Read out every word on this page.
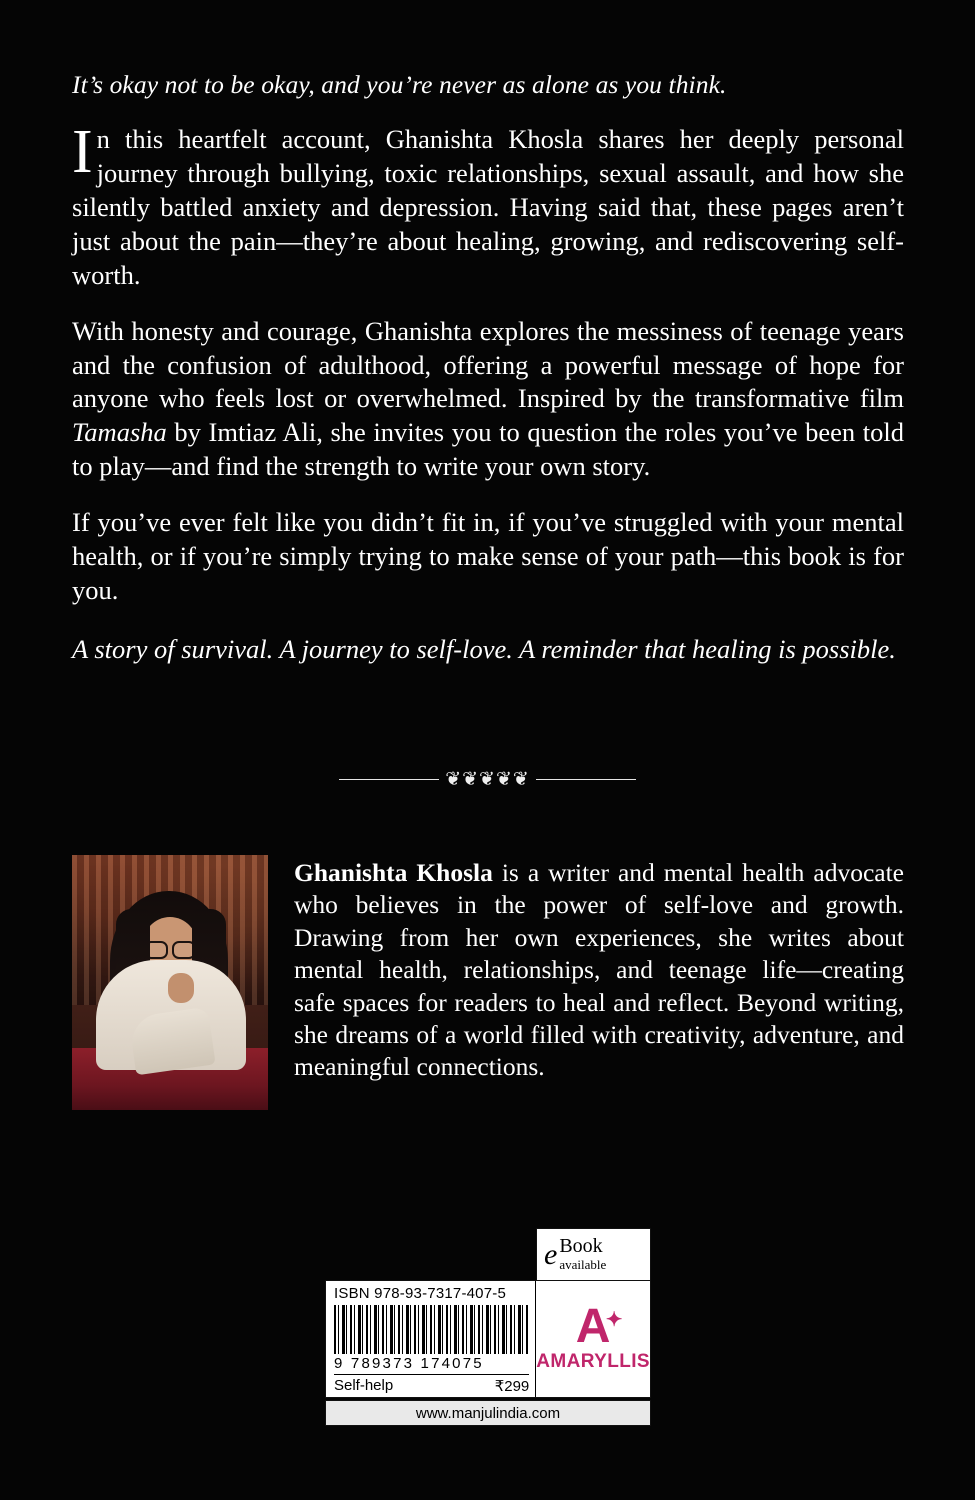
It’s okay not to be okay, and you’re never as alone as you think.

In this heartfelt account, Ghanishta Khosla shares her deeply personal journey through bullying, toxic relationships, sexual assault, and how she silently battled anxiety and depression. Having said that, these pages aren’t just about the pain—they’re about healing, growing, and rediscovering self-worth.

With honesty and courage, Ghanishta explores the messiness of teenage years and the confusion of adulthood, offering a powerful message of hope for anyone who feels lost or overwhelmed. Inspired by the transformative film Tamasha by Imtiaz Ali, she invites you to question the roles you’ve been told to play—and find the strength to write your own story.

If you’ve ever felt like you didn’t fit in, if you’ve struggled with your mental health, or if you’re simply trying to make sense of your path—this book is for you.

A story of survival. A journey to self-love. A reminder that healing is possible.

❦❦❦❦❦

Ghanishta Khosla is a writer and mental health advocate who believes in the power of self-love and growth. Drawing from her own experiences, she writes about mental health, relationships, and teenage life—creating safe spaces for readers to heal and reflect. Beyond writing, she dreams of a world filled with creativity, adventure, and meaningful connections.

e Book
available
ISBN 978-93-7317-407-5
9 789373 174075
Self-help	₹299
A
✦
AMARYLLIS
www.manjulindia.com
